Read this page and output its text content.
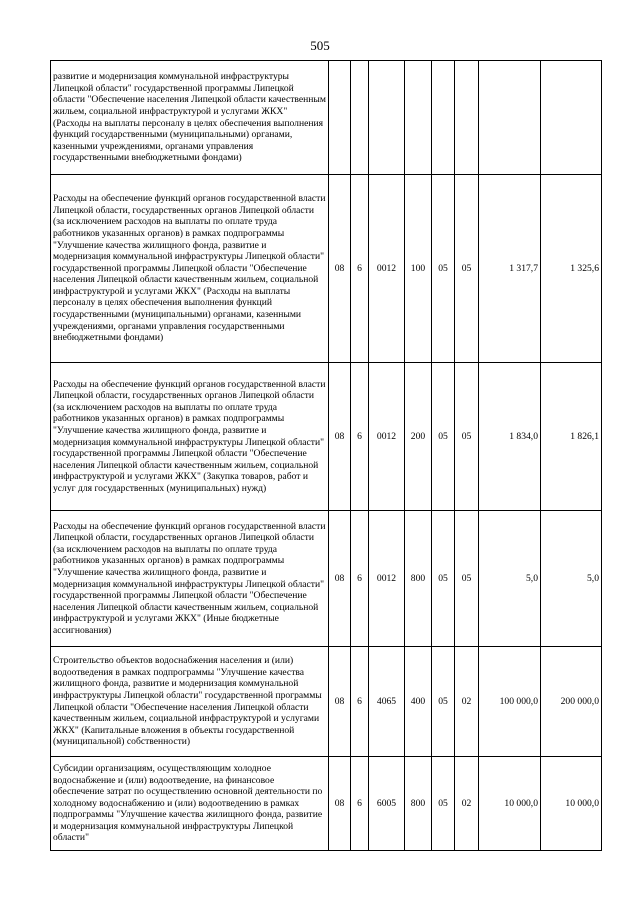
505
развитие и модернизация коммунальной инфраструктуры Липецкой области" государственной программы Липецкой области "Обеспечение населения Липецкой области качественным жильем, социальной инфраструктурой и услугами ЖКХ" (Расходы на выплаты персоналу в целях обеспечения выполнения функций государственными (муниципальными) органами, казенными учреждениями, органами управления государственными внебюджетными фондами)								
Расходы на обеспечение функций органов государственной власти Липецкой области, государственных органов Липецкой области (за исключением расходов на выплаты по оплате труда работников указанных органов) в рамках подпрограммы "Улучшение качества жилищного фонда, развитие и модернизация коммунальной инфраструктуры Липецкой области" государственной программы Липецкой области "Обеспечение населения Липецкой области качественным жильем, социальной инфраструктурой и услугами ЖКХ" (Расходы на выплаты персоналу в целях обеспечения выполнения функций государственными (муниципальными) органами, казенными учреждениями, органами управления государственными внебюджетными фондами)	08	6	0012	100	05	05	1 317,7	1 325,6
Расходы на обеспечение функций органов государственной власти Липецкой области, государственных органов Липецкой области (за исключением расходов на выплаты по оплате труда работников указанных органов) в рамках подпрограммы "Улучшение качества жилищного фонда, развитие и модернизация коммунальной инфраструктуры Липецкой области" государственной программы Липецкой области "Обеспечение населения Липецкой области качественным жильем, социальной инфраструктурой и услугами ЖКХ" (Закупка товаров, работ и услуг для государственных (муниципальных) нужд)	08	6	0012	200	05	05	1 834,0	1 826,1
Расходы на обеспечение функций органов государственной власти Липецкой области, государственных органов Липецкой области (за исключением расходов на выплаты по оплате труда работников указанных органов) в рамках подпрограммы "Улучшение качества жилищного фонда, развитие и модернизация коммунальной инфраструктуры Липецкой области" государственной программы Липецкой области "Обеспечение населения Липецкой области качественным жильем, социальной инфраструктурой и услугами ЖКХ" (Иные бюджетные ассигнования)	08	6	0012	800	05	05	5,0	5,0
Строительство объектов водоснабжения населения и (или) водоотведения в рамках подпрограммы "Улучшение качества жилищного фонда, развитие и модернизация коммунальной инфраструктуры Липецкой области" государственной программы Липецкой области "Обеспечение населения Липецкой области качественным жильем, социальной инфраструктурой и услугами ЖКХ" (Капитальные вложения в объекты государственной (муниципальной) собственности)	08	6	4065	400	05	02	100 000,0	200 000,0
Субсидии организациям, осуществляющим холодное водоснабжение и (или) водоотведение, на финансовое обеспечение затрат по осуществлению основной деятельности по холодному водоснабжению и (или) водоотведению в рамках подпрограммы "Улучшение качества жилищного фонда, развитие и модернизация коммунальной инфраструктуры Липецкой области"	08	6	6005	800	05	02	10 000,0	10 000,0
